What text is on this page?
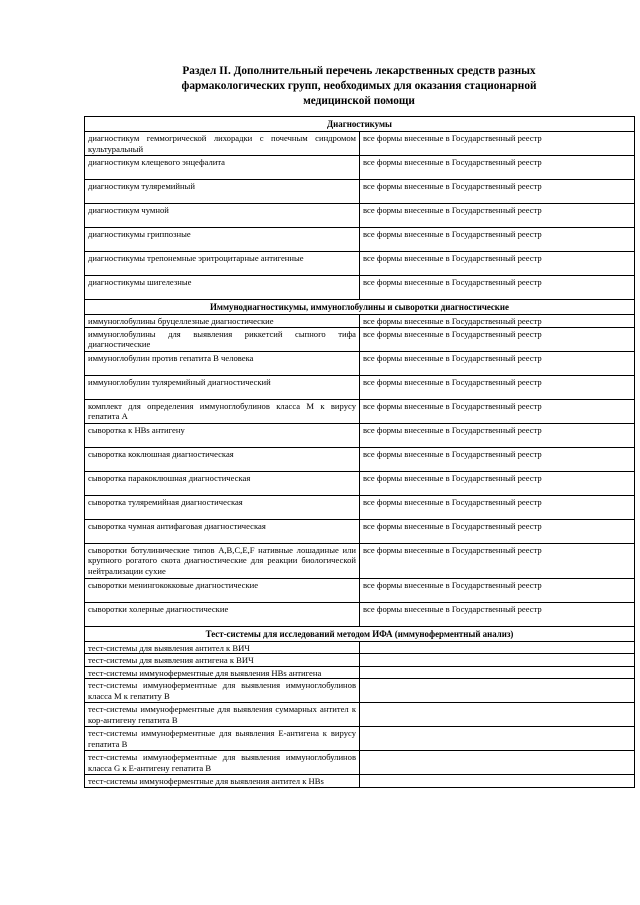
Раздел II. Дополнительный перечень лекарственных средств разных
фармакологических групп, необходимых для оказания стационарной
медицинской помощи
Диагностикумы	
диагностикум геммогрической лихорадки с почечным синдромом культуральный	все формы внесенные в Государственный реестр
диагностикум клещевого энцефалита	все формы внесенные в Государственный реестр
диагностикум туляремийный	все формы внесенные в Государственный реестр
диагностикум чумной	все формы внесенные в Государственный реестр
диагностикумы гриппозные	все формы внесенные в Государственный реестр
диагностикумы трепонемные эритроцитарные антигенные	все формы внесенные в Государственный реестр
диагностикумы шигелезные	все формы внесенные в Государственный реестр
Иммунодиагностикумы, иммуноглобулины и сыворотки диагностические	
иммуноглобулины бруцеллезные диагностические	все формы внесенные в Государственный реестр
иммуноглобулины для выявления риккетсий сыпного тифа диагностические	все формы внесенные в Государственный реестр
иммуноглобулин против гепатита В человека	все формы внесенные в Государственный реестр
иммуноглобулин туляремийный диагностический	все формы внесенные в Государственный реестр
комплект для определения иммуноглобулинов класса М к вирусу гепатита А	все формы внесенные в Государственный реестр
сыворотка к HBs антигену	все формы внесенные в Государственный реестр
сыворотка коклюшная диагностическая	все формы внесенные в Государственный реестр
сыворотка паракоклюшная диагностическая	все формы внесенные в Государственный реестр
сыворотка туляремийная диагностическая	все формы внесенные в Государственный реестр
сыворотка чумная антифаговая диагностическая	все формы внесенные в Государственный реестр
сыворотки ботулинические типов А,В,С,Е,F нативные лошадиные или крупного рогатого скота диагностические для реакции биологической нейтрализации сухие	все формы внесенные в Государственный реестр
сыворотки менингококковые диагностические	все формы внесенные в Государственный реестр
сыворотки холерные диагностические	все формы внесенные в Государственный реестр
Тест-системы для исследований методом ИФА (иммуноферментный анализ)	
тест-системы для выявления антител к ВИЧ	
тест-системы для выявления антигена к ВИЧ	
тест-системы иммуноферментные для выявления HBs антигена	
тест-системы иммуноферментные для выявления иммуноглобулинов класса М к гепатиту В	
тест-системы иммуноферментные для выявления суммарных антител к кор-антигену гепатита В	
тест-системы иммуноферментные для выявления Е-антигена к вирусу гепатита В	
тест-системы иммуноферментные для выявления иммуноглобулинов класса G к Е-антигену гепатита В	
тест-системы иммуноферментные для выявления антител к HBs	
